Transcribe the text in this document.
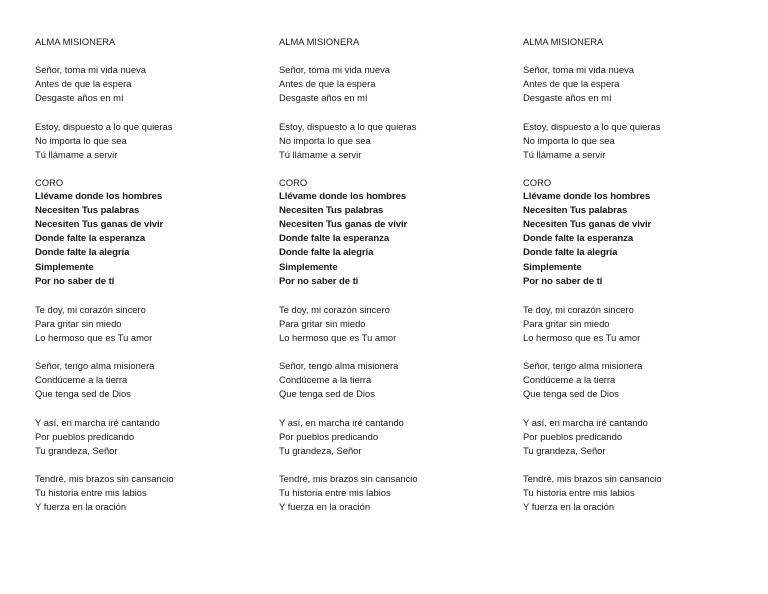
ALMA MISIONERA
Señor, toma mi vida nueva
Antes de que la espera
Desgaste años en mí
Estoy, dispuesto a lo que quieras
No importa lo que sea
Tú llámame a servir
CORO
Llévame donde los hombres
Necesiten Tus palabras
Necesiten Tus ganas de vivir
Donde falte la esperanza
Donde falte la alegría
Simplemente
Por no saber de ti
Te doy, mi corazón sincero
Para gritar sin miedo
Lo hermoso que es Tu amor
Señor, tengo alma misionera
Condúceme a la tierra
Que tenga sed de Dios
Y así, en marcha iré cantando
Por pueblos predicando
Tu grandeza, Señor
Tendré, mis brazos sin cansancio
Tu historia entre mis labios
Y fuerza en la oración
ALMA MISIONERA
Señor, toma mi vida nueva
Antes de que la espera
Desgaste años en mí
Estoy, dispuesto a lo que quieras
No importa lo que sea
Tú llámame a servir
CORO
Llévame donde los hombres
Necesiten Tus palabras
Necesiten Tus ganas de vivir
Donde falte la esperanza
Donde falte la alegría
Simplemente
Por no saber de ti
Te doy, mi corazón sincero
Para gritar sin miedo
Lo hermoso que es Tu amor
Señor, tengo alma misionera
Condúceme a la tierra
Que tenga sed de Dios
Y así, en marcha iré cantando
Por pueblos predicando
Tu grandeza, Señor
Tendré, mis brazos sin cansancio
Tu historia entre mis labios
Y fuerza en la oración
ALMA MISIONERA
Señor, toma mi vida nueva
Antes de que la espera
Desgaste años en mí
Estoy, dispuesto a lo que quieras
No importa lo que sea
Tú llámame a servir
CORO
Llévame donde los hombres
Necesiten Tus palabras
Necesiten Tus ganas de vivir
Donde falte la esperanza
Donde falte la alegría
Simplemente
Por no saber de ti
Te doy, mi corazón sincero
Para gritar sin miedo
Lo hermoso que es Tu amor
Señor, tengo alma misionera
Condúceme a la tierra
Que tenga sed de Dios
Y así, en marcha iré cantando
Por pueblos predicando
Tu grandeza, Señor
Tendré, mis brazos sin cansancio
Tu historia entre mis labios
Y fuerza en la oración
